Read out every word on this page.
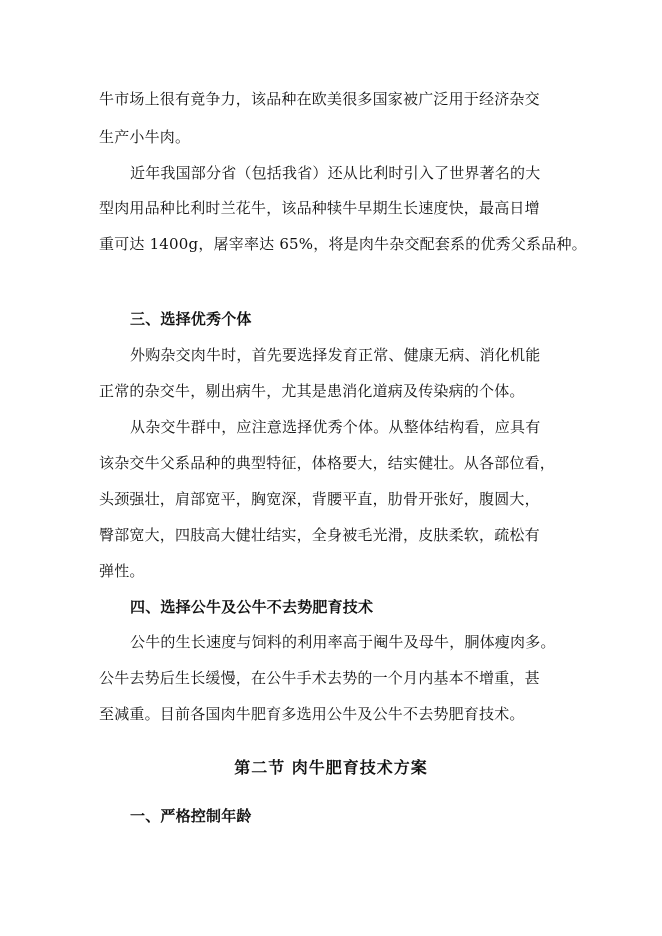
牛市场上很有竟争力，该品种在欧美很多国家被广泛用于经济杂交
生产小牛肉。
近年我国部分省（包括我省）还从比利时引入了世界著名的大
型肉用品种比利时兰花牛，该品种犊牛早期生长速度快，最高日增
重可达 1400g，屠宰率达 65%，将是肉牛杂交配套系的优秀父系品种。
三、选择优秀个体
外购杂交肉牛时，首先要选择发育正常、健康无病、消化机能
正常的杂交牛，剔出病牛，尤其是患消化道病及传染病的个体。
从杂交牛群中，应注意选择优秀个体。从整体结构看，应具有
该杂交牛父系品种的典型特征，体格要大，结实健壮。从各部位看，
头颈强壮，肩部宽平，胸宽深，背腰平直，肋骨开张好，腹圆大，
臀部宽大，四肢高大健壮结实，全身被毛光滑，皮肤柔软，疏松有
弹性。
四、选择公牛及公牛不去势肥育技术
公牛的生长速度与饲料的利用率高于阉牛及母牛，胴体瘦肉多。
公牛去势后生长缓慢，在公牛手术去势的一个月内基本不增重，甚
至减重。目前各国肉牛肥育多选用公牛及公牛不去势肥育技术。
第二节 肉牛肥育技术方案
一、严格控制年龄
